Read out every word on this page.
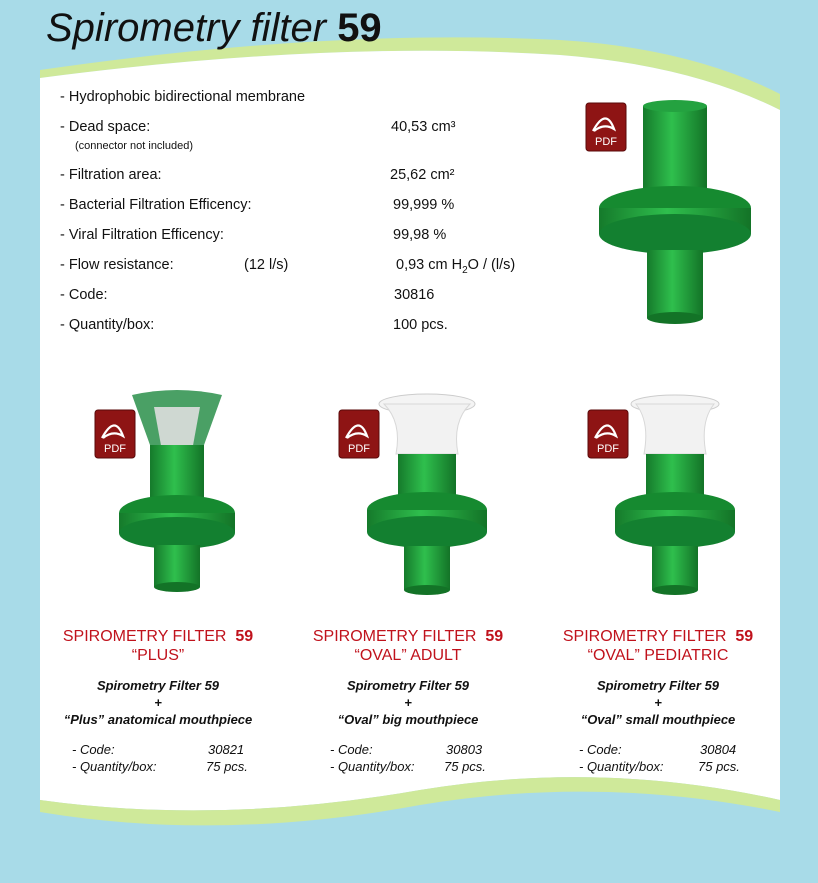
Spirometry filter 59
- Hydrophobic bidirectional membrane
- Dead space:	40,53 cm³
(connector not included)
- Filtration area:	25,62 cm²
- Bacterial Filtration Efficency:	99,999 %
- Viral Filtration Efficency:	99,98 %
- Flow resistance:	(12 l/s)	0,93 cm $H_2O / (l/s)$
- Code:	30816
- Quantity/box:	100 pcs.
PDF
PDF	PDF	PDF
SPIROMETRY FILTER 59
“PLUS”
Spirometry Filter 59
+
“Plus” anatomical mouthpiece
- Code:	30821
- Quantity/box:	75 pcs.
SPIROMETRY FILTER 59
“OVAL” ADULT
Spirometry Filter 59
+
“Oval” big mouthpiece
- Code:	30803
- Quantity/box: 75 pcs.
SPIROMETRY FILTER 59
“OVAL” PEDIATRIC
Spirometry Filter 59
+
“Oval” small mouthpiece
- Code:	30804
- Quantity/box:	75 pcs.
